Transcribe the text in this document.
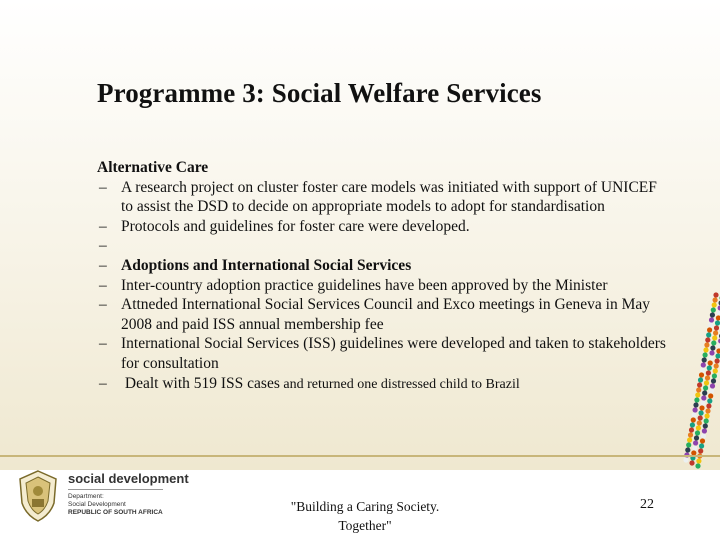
Programme 3: Social Welfare Services
Alternative Care
– A research project on cluster foster care models was initiated with support of UNICEF to assist the DSD to decide on appropriate models to adopt for standardisation
– Protocols and guidelines for foster care were developed.
–
– Adoptions and International Social Services
– Inter-country adoption practice guidelines have been approved by the Minister
– Attneded International Social Services Council and Exco meetings in Geneva in May 2008 and paid ISS annual membership fee
– International Social Services (ISS) guidelines were developed and taken to stakeholders for consultation
– Dealt with 519 ISS cases and returned one distressed child to Brazil
social development
Department:
Social Development
REPUBLIC OF SOUTH AFRICA	"Building a Caring Society. Together"
22
